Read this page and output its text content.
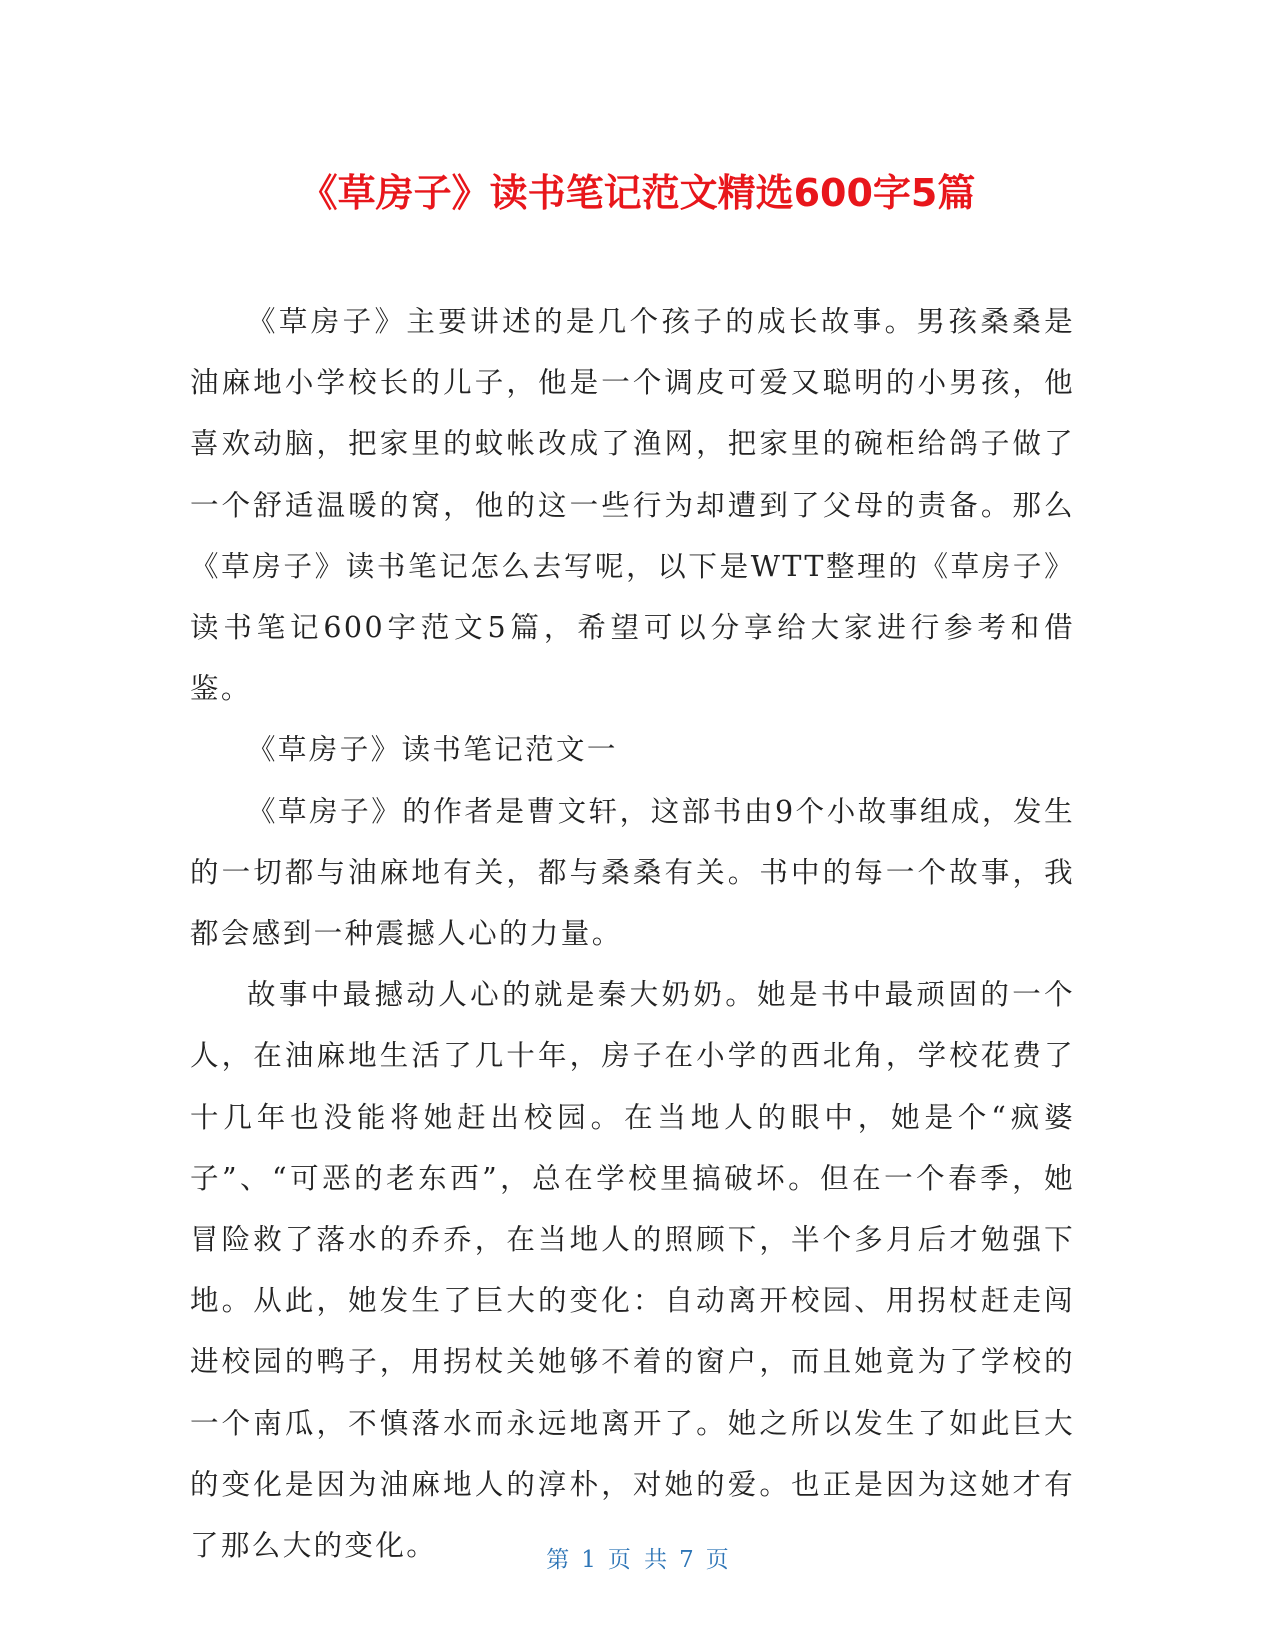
《草房子》读书笔记范文精选600字5篇

《草房子》主要讲述的是几个孩子的成长故事。男孩桑桑是油麻地小学校长的儿子，他是一个调皮可爱又聪明的小男孩，他喜欢动脑，把家里的蚊帐改成了渔网，把家里的碗柜给鸽子做了一个舒适温暖的窝，他的这一些行为却遭到了父母的责备。那么《草房子》读书笔记怎么去写呢，以下是WTT整理的《草房子》读书笔记600字范文5篇，希望可以分享给大家进行参考和借鉴。

《草房子》读书笔记范文一

《草房子》的作者是曹文轩，这部书由9个小故事组成，发生的一切都与油麻地有关，都与桑桑有关。书中的每一个故事，我都会感到一种震撼人心的力量。

故事中最撼动人心的就是秦大奶奶。她是书中最顽固的一个人，在油麻地生活了几十年，房子在小学的西北角，学校花费了十几年也没能将她赶出校园。在当地人的眼中，她是个“疯婆子”、“可恶的老东西”，总在学校里搞破坏。但在一个春季，她冒险救了落水的乔乔，在当地人的照顾下，半个多月后才勉强下地。从此，她发生了巨大的变化：自动离开校园、用拐杖赶走闯进校园的鸭子，用拐杖关她够不着的窗户，而且她竟为了学校的一个南瓜，不慎落水而永远地离开了。她之所以发生了如此巨大的变化是因为油麻地人的淳朴，对她的爱。也正是因为这她才有了那么大的变化。	第 1 页 共 7 页
